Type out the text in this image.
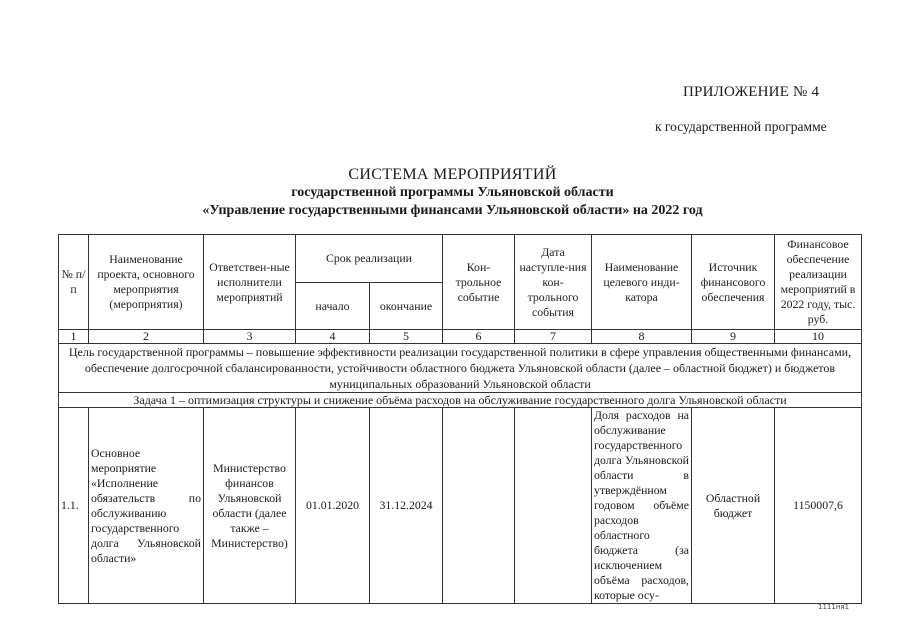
ПРИЛОЖЕНИЕ № 4
к государственной программе
СИСТЕМА МЕРОПРИЯТИЙ
государственной программы Ульяновской области
«Управление государственными финансами Ульяновской области» на 2022 год
№ п/п	Наименование проекта, основного мероприятия (мероприятия)	Ответствен-ные исполнители мероприятий	Срок реализации		Кон-трольное событие	Дата наступле-ния кон-трольного события	Наименование целевого инди-катора	Источник финансового обеспечения	Финансовое обеспечение реализации мероприятий в 2022 году, тыс. руб.
			начало	окончание					
1	2	3	4	5	6	7	8	9	10
Цель государственной программы – повышение эффективности реализации государственной политики в сфере управления общественными финансами, обеспечение долгосрочной сбалансированности, устойчивости областного бюджета Ульяновской области (далее – областной бюджет) и бюджетов муниципальных образований Ульяновской области									
Задача 1 – оптимизация структуры и снижение объёма расходов на обслуживание государственного долга Ульяновской области									
1.1.	Основное мероприятие «Исполнение обязательств по обслуживанию государственного долга Ульяновской области»	Министерство финансов Ульяновской области (далее также – Министерство)	01.01.2020	31.12.2024			Доля расходов на обслуживание государственного долга Ульяновской области в утверждённом годовом объёме расходов областного бюджета (за исключением объёма расходов, которые осу-	Областной бюджет	1150007,6
1111ня1
